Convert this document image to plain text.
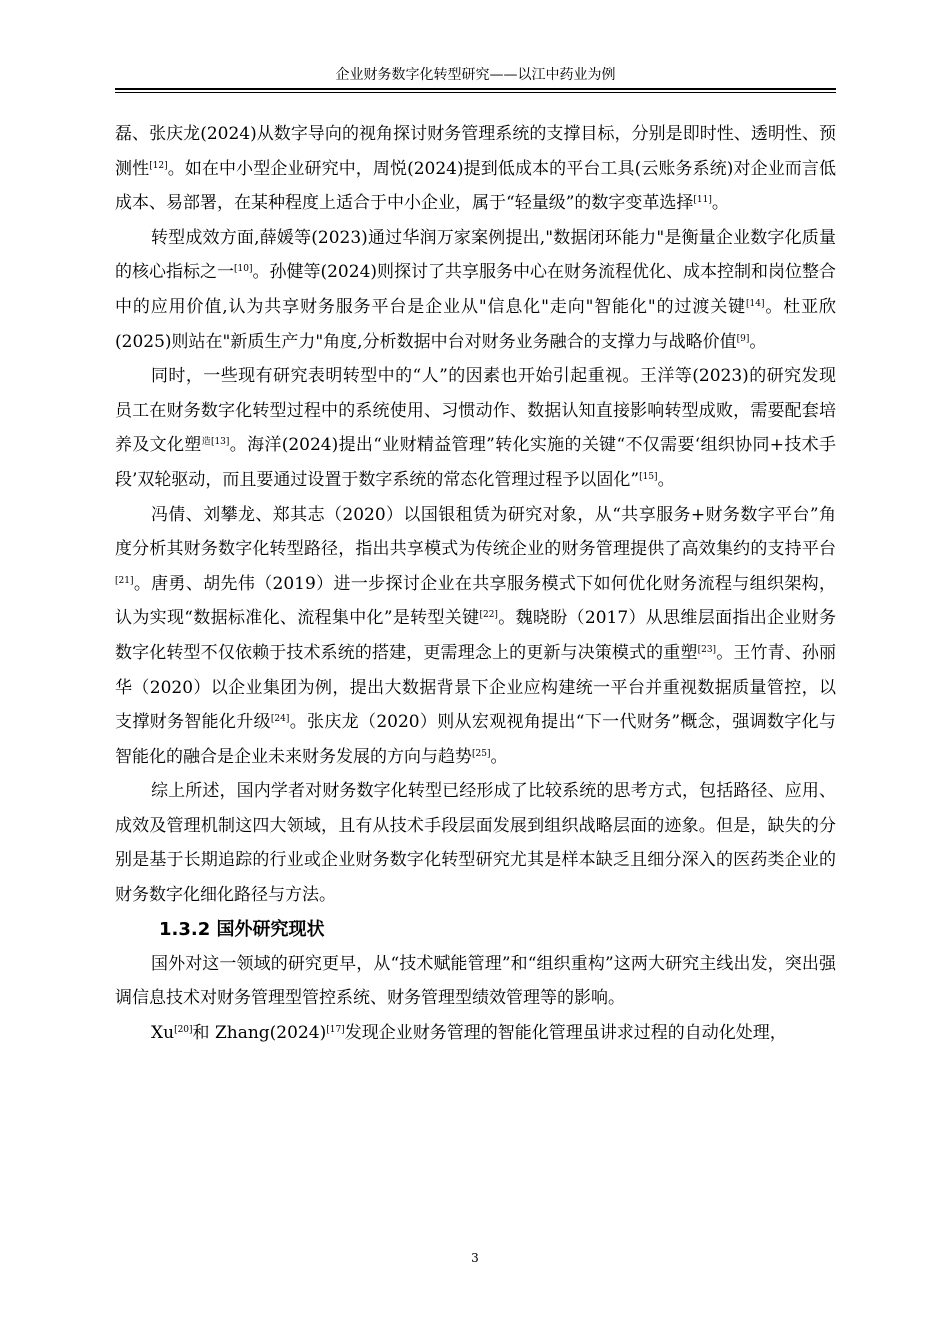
企业财务数字化转型研究——以江中药业为例

磊、张庆龙(2024)从数字导向的视角探讨财务管理系统的支撑目标，分别是即时性、透明性、预测性[12]。如在中小型企业研究中，周悦(2024)提到低成本的平台工具(云账务系统)对企业而言低成本、易部署，在某种程度上适合于中小企业，属于“轻量级”的数字变革选择[11]。

转型成效方面,薛媛等(2023)通过华润万家案例提出,"数据闭环能力"是衡量企业数字化质量的核心指标之一[10]。孙健等(2024)则探讨了共享服务中心在财务流程优化、成本控制和岗位整合中的应用价值,认为共享财务服务平台是企业从"信息化"走向"智能化"的过渡关键[14]。杜亚欣(2025)则站在"新质生产力"角度,分析数据中台对财务业务融合的支撑力与战略价值[9]。

同时，一些现有研究表明转型中的“人”的因素也开始引起重视。王洋等(2023)的研究发现员工在财务数字化转型过程中的系统使用、习惯动作、数据认知直接影响转型成败，需要配套培养及文化塑$^{造[13]}$。海洋(2024)提出“业财精益管理”转化实施的关键“不仅需要‘组织协同+技术手段’双轮驱动，而且要通过设置于数字系统的常态化管理过程予以固化”[15]。

冯倩、刘攀龙、郑其志（2020）以国银租赁为研究对象，从“共享服务+财务数字平台”角度分析其财务数字化转型路径，指出共享模式为传统企业的财务管理提供了高效集约的支持平台[21]。唐勇、胡先伟（2019）进一步探讨企业在共享服务模式下如何优化财务流程与组织架构，认为实现“数据标准化、流程集中化”是转型关键[22]。魏晓盼（2017）从思维层面指出企业财务数字化转型不仅依赖于技术系统的搭建，更需理念上的更新与决策模式的重塑[23]。王竹青、孙丽华（2020）以企业集团为例，提出大数据背景下企业应构建统一平台并重视数据质量管控，以支撑财务智能化升级[24]。张庆龙（2020）则从宏观视角提出“下一代财务”概念，强调数字化与智能化的融合是企业未来财务发展的方向与趋势[25]。

综上所述，国内学者对财务数字化转型已经形成了比较系统的思考方式，包括路径、应用、成效及管理机制这四大领域，且有从技术手段层面发展到组织战略层面的迹象。但是，缺失的分别是基于长期追踪的行业或企业财务数字化转型研究尤其是样本缺乏且细分深入的医药类企业的财务数字化细化路径与方法。

1.3.2 国外研究现状

国外对这一领域的研究更早，从“技术赋能管理”和“组织重构”这两大研究主线出发，突出强调信息技术对财务管理型管控系统、财务管理型绩效管理等的影响。

Xu[20]和 Zhang(2024)[17]发现企业财务管理的智能化管理虽讲求过程的自动化处理，

3
